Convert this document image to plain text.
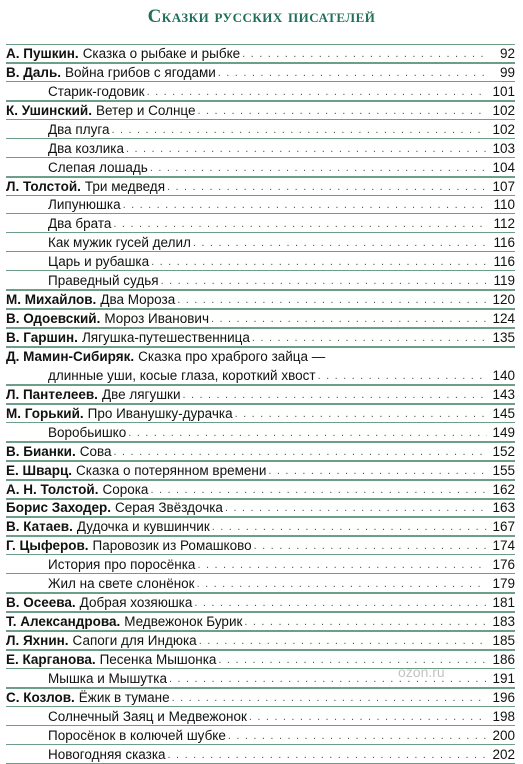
Сказки русских писателей
А. Пушкин. Сказка о рыбаке и рыбке . . .	92
В. Даль. Война грибов с ягодами . . .	99
Старик-годовик . . .	101
К. Ушинский. Ветер и Солнце . . .	102
Два плуга . . .	102
Два козлика . . .	103
Слепая лошадь . . .	104
Л. Толстой. Три медведя . . .	107
Липунюшка . . .	110
Два брата . . .	112
Как мужик гусей делил . . .	116
Царь и рубашка . . .	116
Праведный судья . . .	119
М. Михайлов. Два Мороза . . .	120
В. Одоевский. Мороз Иванович . . .	124
В. Гаршин. Лягушка-путешественница . . .	135
Д. Мамин-Сибиряк. Сказка про храброго зайца —
длинные уши, косые глаза, короткий хвост . . .	140
Л. Пантелеев. Две лягушки . . .	143
М. Горький. Про Иванушку-дурачка . . .	145
Воробьишко . . .	149
В. Бианки. Сова . . .	152
Е. Шварц. Сказка о потерянном времени . . .	155
А. Н. Толстой. Сорока . . .	162
Борис Заходер. Серая Звёздочка . . .	163
В. Катаев. Дудочка и кувшинчик . . .	167
Г. Цыферов. Паровозик из Ромашково . . .	174
История про поросёнка . . .	176
Жил на свете слонёнок . . .	179
В. Осеева. Добрая хозяюшка . . .	181
Т. Александрова. Медвежонок Бурик . . .	183
Л. Яхнин. Сапоги для Индюка . . .	185
Е. Карганова. Песенка Мышонка . . .	186
Мышка и Мышутка . . .	191
С. Козлов. Ёжик в тумане . . .	196
Солнечный Заяц и Медвежонок . . .	198
Поросёнок в колючей шубке . . .	200
Новогодняя сказка . . .	202
ozon.ru
